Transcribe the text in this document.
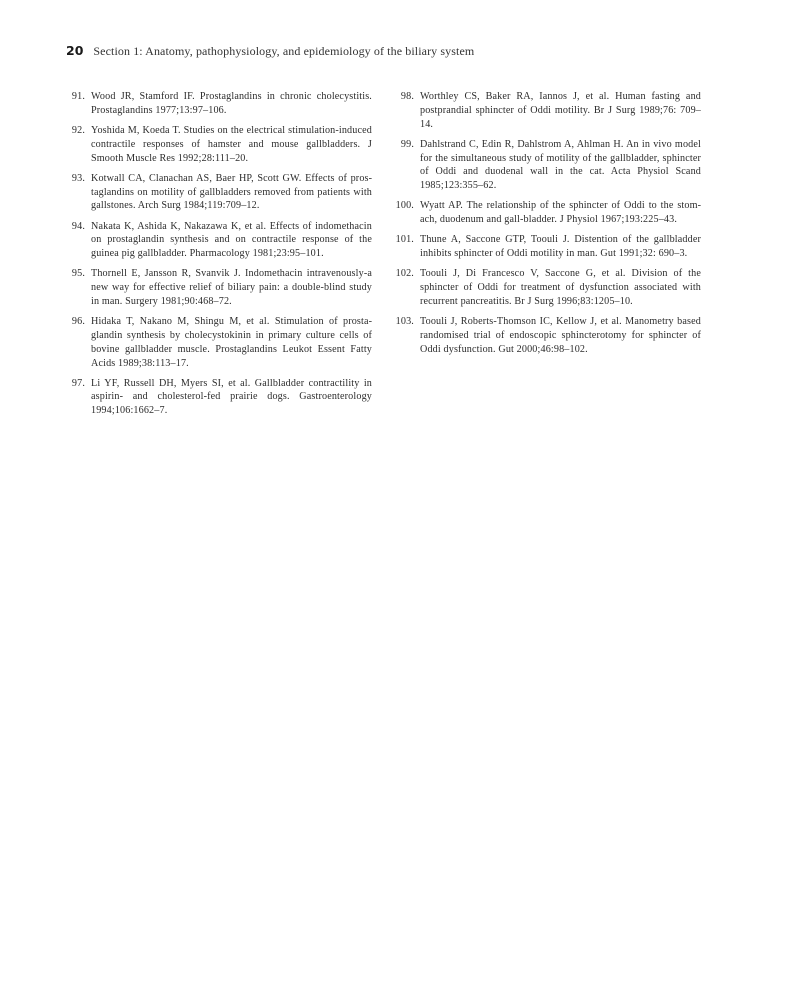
20 Section 1: Anatomy, pathophysiology, and epidemiology of the biliary system
91. Wood JR, Stamford IF. Prostaglandins in chronic cholecystitis. Prostaglandins 1977;13:97–106.
92. Yoshida M, Koeda T. Studies on the electrical stimulation-induced contractile responses of hamster and mouse gallbladders. J Smooth Muscle Res 1992;28:111–20.
93. Kotwall CA, Clanachan AS, Baer HP, Scott GW. Effects of prostaglandins on motility of gallbladders removed from patients with gallstones. Arch Surg 1984;119:709–12.
94. Nakata K, Ashida K, Nakazawa K, et al. Effects of indomethacin on prostaglandin synthesis and on contractile response of the guinea pig gallbladder. Pharmacology 1981;23:95–101.
95. Thornell E, Jansson R, Svanvik J. Indomethacin intravenously-a new way for effective relief of biliary pain: a double-blind study in man. Surgery 1981;90:468–72.
96. Hidaka T, Nakano M, Shingu M, et al. Stimulation of prostaglandin synthesis by cholecystokinin in primary culture cells of bovine gallbladder muscle. Prostaglandins Leukot Essent Fatty Acids 1989;38:113–17.
97. Li YF, Russell DH, Myers SI, et al. Gallbladder contractility in aspirin- and cholesterol-fed prairie dogs. Gastroenterology 1994;106:1662–7.
98. Worthley CS, Baker RA, Iannos J, et al. Human fasting and postprandial sphincter of Oddi motility. Br J Surg 1989;76: 709–14.
99. Dahlstrand C, Edin R, Dahlstrom A, Ahlman H. An in vivo model for the simultaneous study of motility of the gallbladder, sphincter of Oddi and duodenal wall in the cat. Acta Physiol Scand 1985;123:355–62.
100. Wyatt AP. The relationship of the sphincter of Oddi to the stomach, duodenum and gall-bladder. J Physiol 1967;193:225–43.
101. Thune A, Saccone GTP, Toouli J. Distention of the gallbladder inhibits sphincter of Oddi motility in man. Gut 1991;32: 690–3.
102. Toouli J, Di Francesco V, Saccone G, et al. Division of the sphincter of Oddi for treatment of dysfunction associated with recurrent pancreatitis. Br J Surg 1996;83:1205–10.
103. Toouli J, Roberts-Thomson IC, Kellow J, et al. Manometry based randomised trial of endoscopic sphincterotomy for sphincter of Oddi dysfunction. Gut 2000;46:98–102.
